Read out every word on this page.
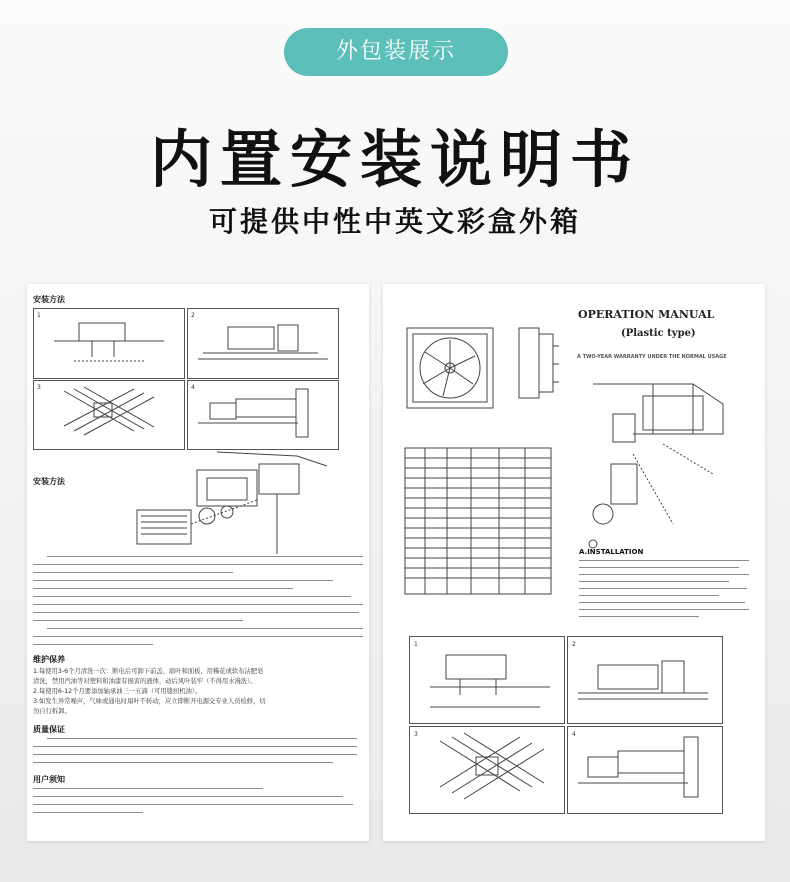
外包装展示
内置安装说明书
可提供中性中英文彩盒外箱
安装方法
1	2
3	4
安装方法
维护保养
1.每使用3-6个月清洗一次：断电后可卸下前盖、扇叶和面板，用稀花或软布沾肥皂
清洗，禁用汽油等对塑料和油漆有损害的液体，动后风叶装牢（不得用水漫洗）。
2.每使用6-12个月要添加轴承油三一五滴（可用缝纫机油）。
3.如发生异常噪声，气味或通电时扇叶不转动，应立即断开电源交专业人员检修，切
勿自行拆卸。
质量保证
用户须知
OPERATION MANUAL
(Plastic type)
A TWO-YEAR WARRANTY UNDER THE NORMAL USAGE
A.INSTALLATION
1	2
3	4
